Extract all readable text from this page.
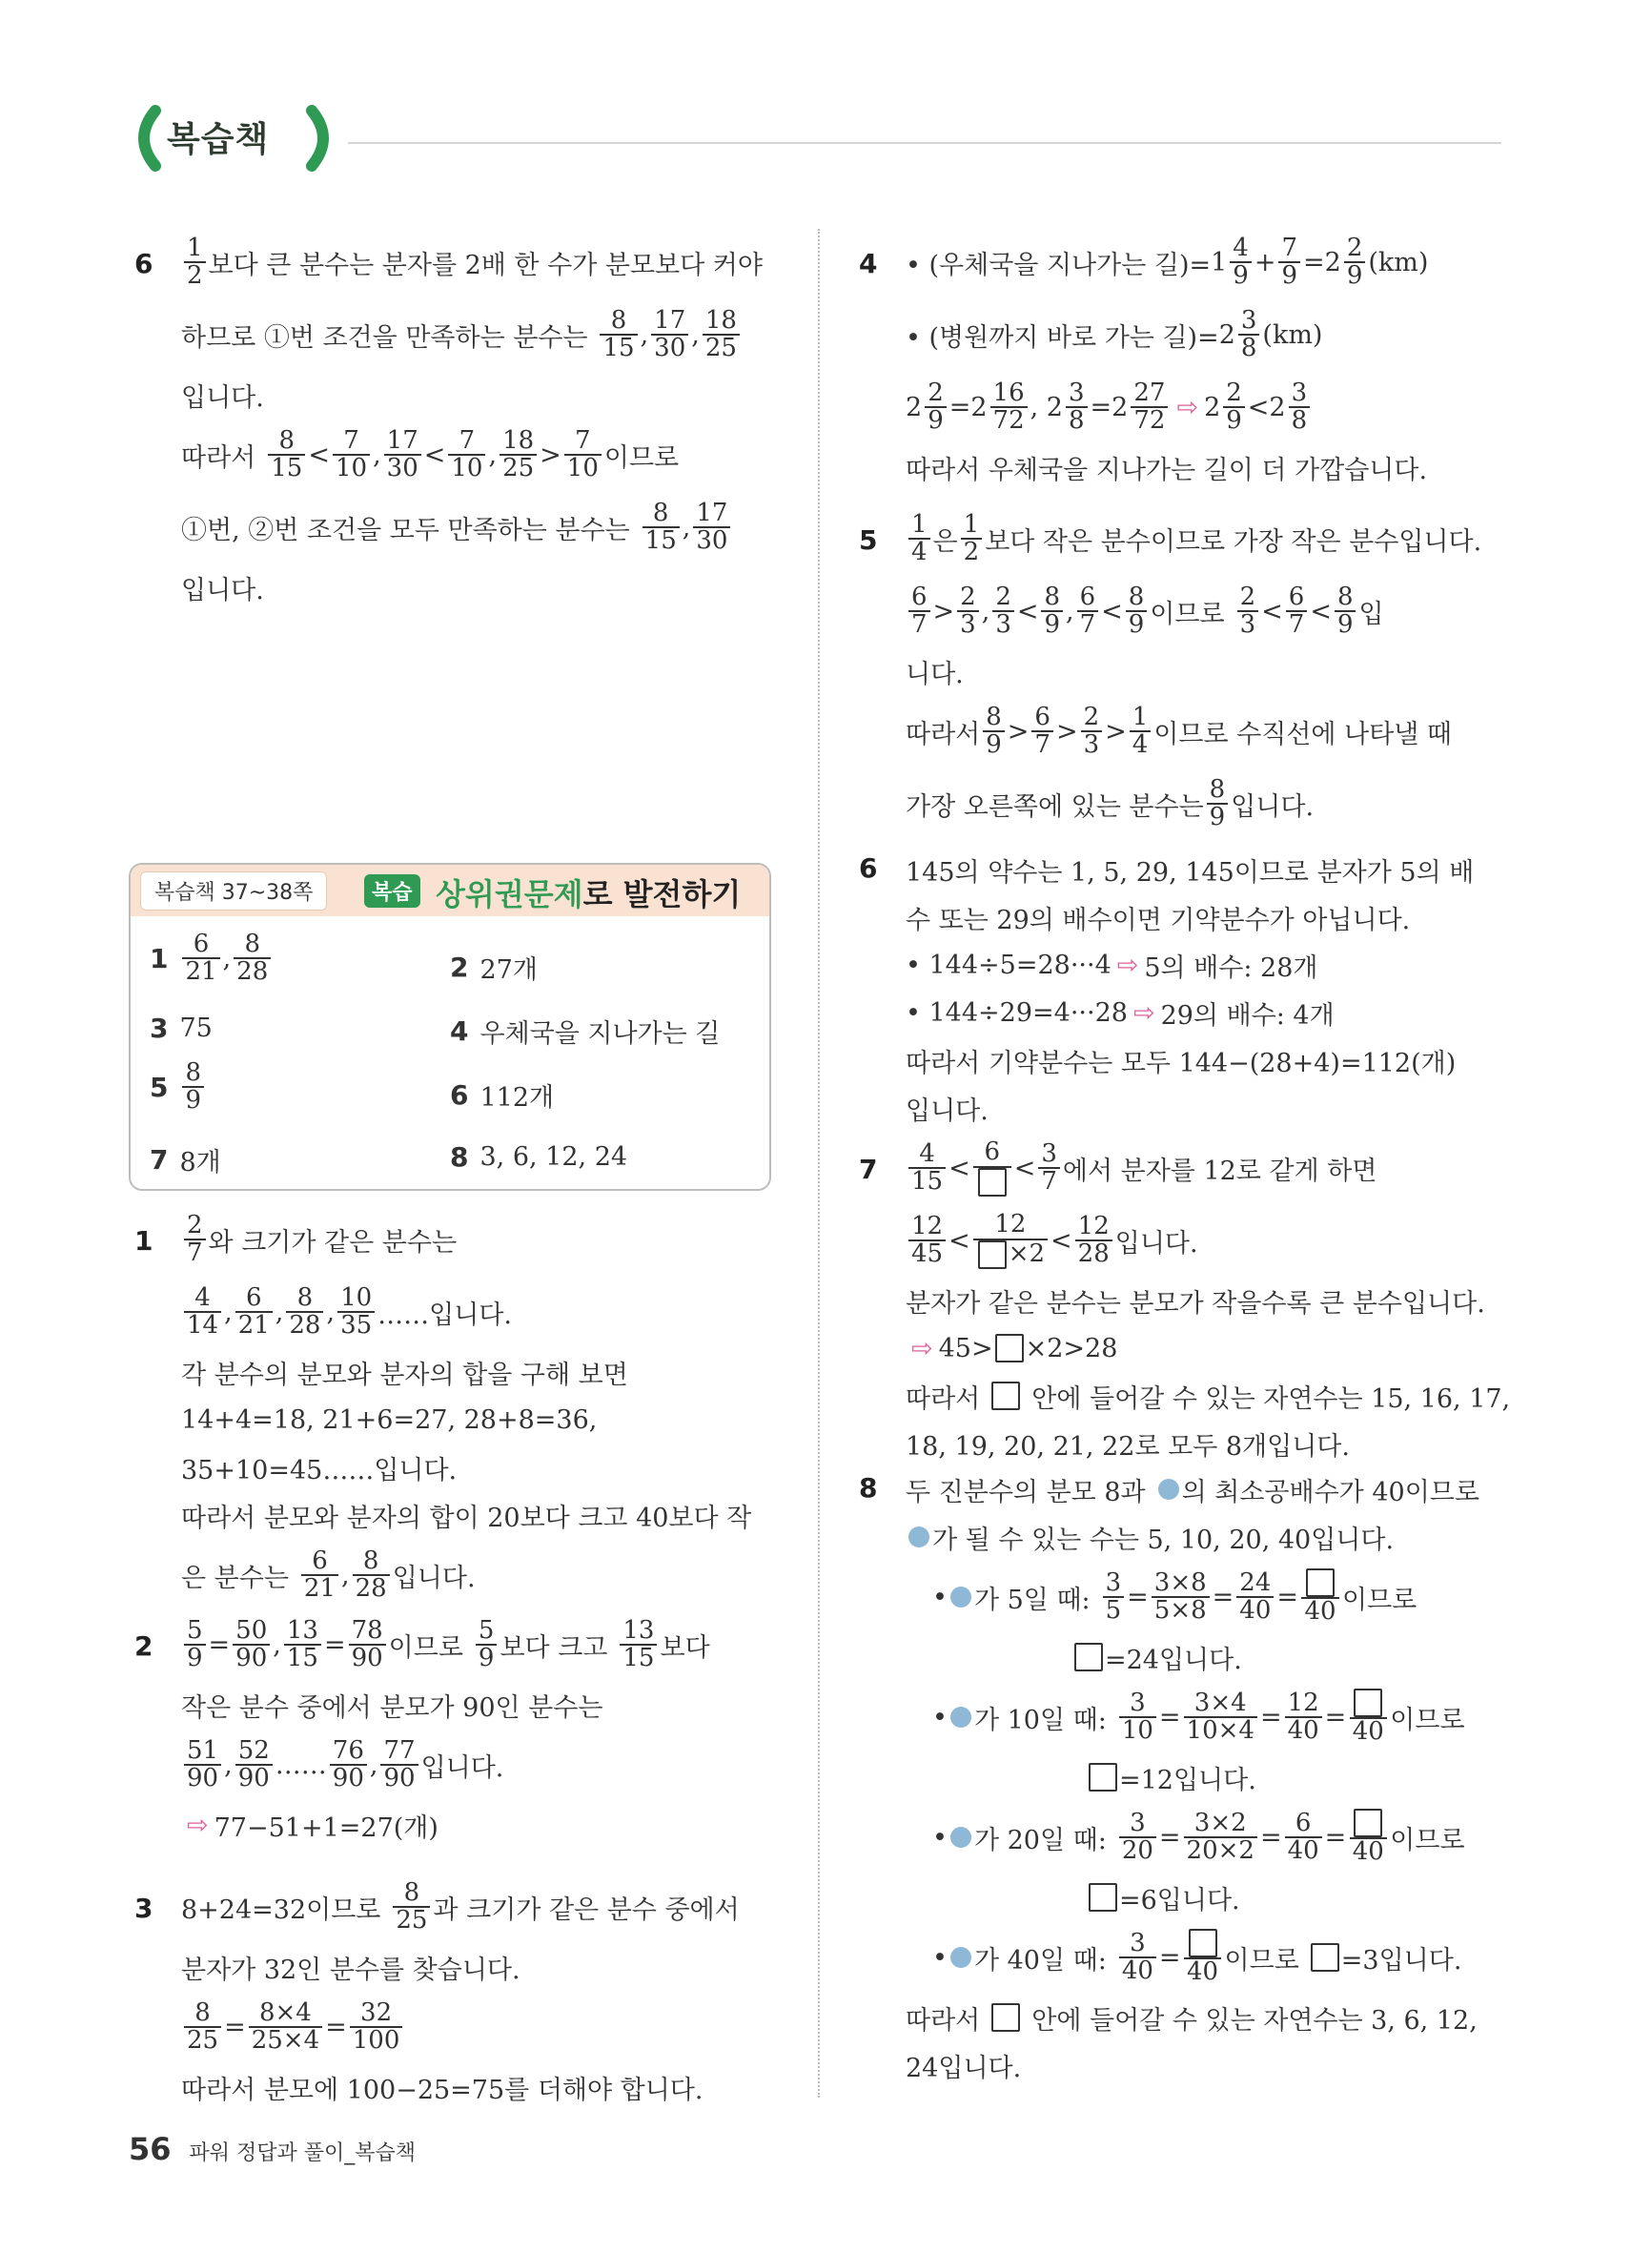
복습책
$6 \frac{1}{2}$ 보다 큰 분수는 분자를 2배 한 수가 분모보다 커야
하므로 ①번 조건을 만족하는 분수는 $\frac{8}{15}$ , $\frac{17}{30}$ , $\frac{18}{25}$
입니다.
따라서 $\frac{8}{15} < \frac{7}{10}$ , $\frac{17}{30} < \frac{7}{10}$ , $\frac{18}{25} > \frac{7}{10}$ 이므로
①번, ②번 조건을 모두 만족하는 분수는 $\frac{8}{15}$ , $\frac{17}{30}$
입니다.
복습책 37~38쪽	복습 상위권문제로 발전하기
$1 \frac{6}{21}$ , $\frac{8}{28}$	2 27개
3 75	4 우체국을 지나가는 길
$5 \frac{8}{9}$	6 112개
7 8개	8 3, 6, 12, 24
$1 \frac{2}{7}$ 와 크기가 같은 분수는
$\frac{4}{14}$ , $\frac{6}{21}$ , $\frac{8}{28}$ , $\frac{10}{35}$ ……입니다.
각 분수의 분모와 분자의 합을 구해 보면
14+4=18, 21+6=27, 28+8=36,
35+10=45……입니다.
따라서 분모와 분자의 합이 20보다 크고 40보다 작
은 분수는 $\frac{6}{21}$ , $\frac{8}{28}$ 입니다.
$2 \frac{5}{9} = \frac{50}{90}$ , $\frac{13}{15} = \frac{78}{90}$ 이므로 $\frac{5}{9}$ 보다 크고 $\frac{13}{15}$ 보다
작은 분수 중에서 분모가 90인 분수는
$\frac{51}{90}$ , $\frac{52}{90}$ …… $\frac{76}{90}$ , $\frac{77}{90}$ 입니다.
⇨ 77−51+1=27(개)
3 8+24=32이므로 $\frac{8}{25}$ 과 크기가 같은 분수 중에서
분자가 32인 분수를 찾습니다.
$\frac{8}{25} = \frac{8\times 4}{25\times 4} = \frac{32}{100}$
따라서 분모에 100−25=75를 더해야 합니다.
4 • (우체국을 지나가는 길)= $1 \frac{4}{9} + \frac{7}{9} =2 \frac{2}{9} (km)$
• (병원까지 바로 가는 길)= $2 \frac{3}{8} (km)$
$2 \frac{2}{9} =2 \frac{16}{72}$ , $2 \frac{3}{8} =2 \frac{27}{72}$ ⇨ $2 \frac{2}{9} <2 \frac{3}{8}$
따라서 우체국을 지나가는 길이 더 가깝습니다.
$5 \frac{1}{4}$ 은 $\frac{1}{2}$ 보다 작은 분수이므로 가장 작은 분수입니다.
$\frac{6}{7} > \frac{2}{3}$ , $\frac{2}{3} < \frac{8}{9}$ , $\frac{6}{7} < \frac{8}{9}$ 이므로 $\frac{2}{3} < \frac{6}{7} < \frac{8}{9}$ 입
니다.
따라서 $\frac{8}{9} > \frac{6}{7} > \frac{2}{3} > \frac{1}{4}$ 이므로 수직선에 나타낼 때
가장 오른쪽에 있는 분수는 $\frac{8}{9}$ 입니다.
6 145의 약수는 1, 5, 29, 145이므로 분자가 5의 배
수 또는 29의 배수이면 기약분수가 아닙니다.
• 144÷5=28···4 ⇨ 5의 배수: 28개
• 144÷29=4···28 ⇨ 29의 배수: 4개
따라서 기약분수는 모두 144−(28+4)=112(개)
입니다.
$7 \frac{4}{15}$ <
6
< $\frac{3}{7}$ 에서 분자를 12로 같게 하면
$\frac{12}{45} < \frac{12}{\times 2} < \frac{12}{28}$ 입니다.
분자가 같은 분수는 분모가 작을수록 큰 분수입니다.
⇨ 45> ×2>28
따라서 안에 들어갈 수 있는 자연수는 15, 16, 17,
18, 19, 20, 21, 22로 모두 8개입니다.
8 두 진분수의 분모 8과 의 최소공배수가 40이므로
가 될 수 있는 수는 5, 10, 20, 40입니다.
• 가 5일 때: $\frac{3}{5} = \frac{3\times 8}{5\times 8} = \frac{24}{40} = 40$ 이므로
=24입니다.
• 가 10일 때: $\frac{3}{10} = \frac{3\times 4}{10\times 4} = \frac{12}{40} = 40$ 이므로
=12입니다.
• 가 20일 때: $\frac{3}{20} = \frac{3\times 2}{20\times 2} = \frac{6}{40} = 40$ 이므로
=6입니다.
• 가 40일 때: $\frac{3}{40} = 40$ 이므로 =3입니다.
따라서 안에 들어갈 수 있는 자연수는 3, 6, 12,
24입니다.
56 파워 정답과 풀이_복습책
